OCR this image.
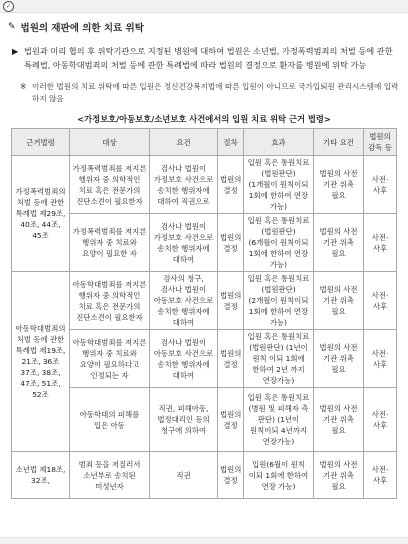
✓
✎ 법원의 재판에 의한 치료 위탁
▶ 법원과 미리 협의 후 위탁기관으로 지정된 병원에 대하여 법원은 소년법, 가정폭력범죄의 처벌 등에 관한 특례법, 아동학대범죄의 처벌 등에 관한 특례법에 따라 법원의 결정으로 환자를 병원에 위탁 가능
※ 이러한 법원의 치료 위탁에 따른 입원은 정신건강복지법에 따른 입원이 아니므로 국가입퇴원 관리시스템에 입력하지 않음
<가정보호/아동보호/소년보호 사건에서의 입원 치료 위탁 근거 법령>
근거법령	대상	요건	절차	효과	기타 요건	법원의 감독 등
가정폭력범죄의 처벌 등에 관한 특례법 제29조, 40조, 44조, 45조	가정폭력범죄를 저지른 행위자 중 의학적인 치료 혹은 전문가의 진단소견이 필요한자	검사나 법원이 가정보호 사건으로 송치한 행위자에 대하여 직권으로	법원의 결정	입원 혹은 통원치료 (법원판단) (1개월이 원칙이되 1회에 한하여 연장 가능)	법원의 사전 기관 위촉 필요	사전·사후
	가정폭력범죄를 저지른 행위자 중 치료와 요양이 필요한 자	검사나 법원이 가정보호 사건으로 송치한 행위자에 대하여	법원의 결정	입원 혹은 통원치료 (법원판단) (6개월이 원칙이되 1회에 한하여 연장 가능)	법원의 사전 기관 위촉 필요	사전·사후
아동학대범죄의 처벌 등에 관한 특례법 제19조, 21조, 36조 37조, 38조, 47조, 51조, 52조	아동학대범죄를 저지른 행위자 중 의학적인 치료 혹은 전문가의 진단소견이 필요한자	검사의 청구, 검사나 법원이 아동보호 사건으로 송치한 행위자에 대하여	법원의 결정	입원 혹은 통원치료 (법원판단) (2개월이 원칙이되 1회에 한하여 연장 가능)	법원의 사전 기관 위촉 필요	사전·사후
	아동학대범죄를 저지른 행위자 중 치료와 요양이 필요하다고 인정되는 자	검사나 법원이 아동보호 사건으로 송치한 행위자에 대하여	법원의 결정	입원 혹은 통원치료 (법원판단) (1년이 원칙 이되 1회에 한하여 2년 까지 연장가능)	법원의 사전 기관 위촉 필요	사전·사후
	아동학대의 피해를 입은 아동	직권, 피해아동, 법정대리인 등의 청구에 의하여	법원의 결정	입원 혹은 통원치료 (병원 및 피해자 측 판단) (1년이 원칙이되 4년까지 연장가능)	법원의 사전 기관 위촉 필요	사전·사후
소년법 제18조, 32조,	범죄 등을 저질러서 소년부로 송치된 미성년자	직권	법원의 결정	입원(6월이 원칙 이되 1회에 한하여 연장 가능)	법원의 사전 기관 위촉 필요	사전·사후
